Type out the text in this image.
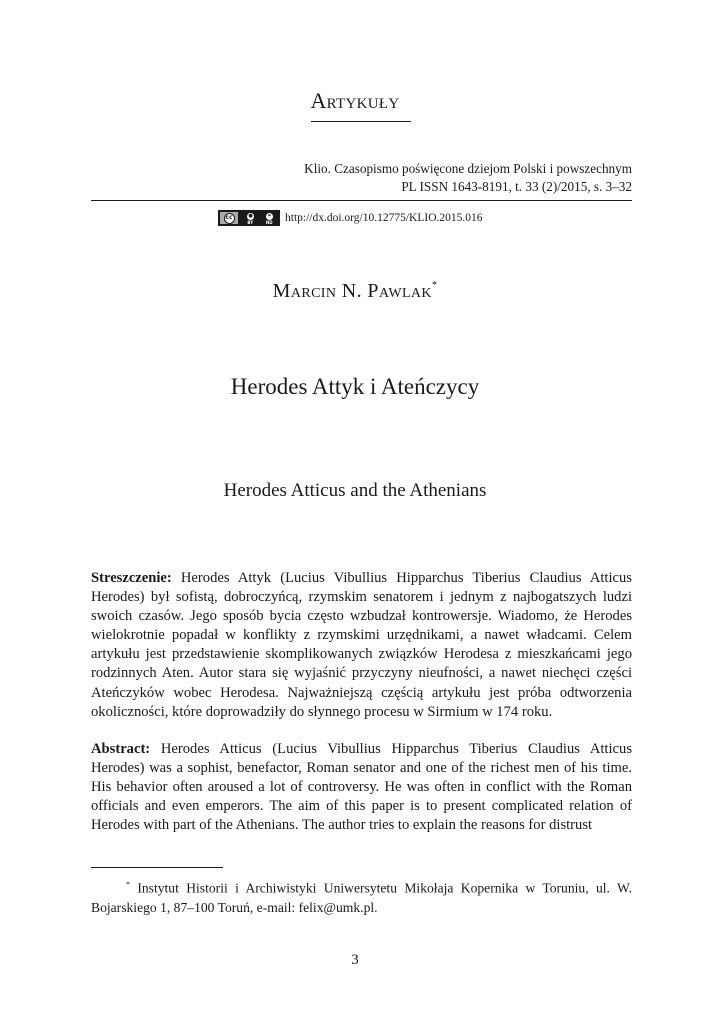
Artykuły
Klio. Czasopismo poświęcone dziejom Polski i powszechnym
PL ISSN 1643-8191, t. 33 (2)/2015, s. 3–32
cc	●	=
BY	ND http://dx.doi.org/10.12775/KLIO.2015.016
Marcin N. Pawlak*
Herodes Attyk i Ateńczycy
Herodes Atticus and the Athenians

Streszczenie: Herodes Attyk (Lucius Vibullius Hipparchus Tiberius Claudius Atticus Herodes) był sofistą, dobroczyńcą, rzymskim senatorem i jednym z najbogatszych ludzi swoich czasów. Jego sposób bycia często wzbudzał kontrowersje. Wiadomo, że Herodes wielokrotnie popadał w konflikty z rzymskimi urzędnikami, a nawet władcami. Celem artykułu jest przedstawienie skomplikowanych związków Herodesa z mieszkańcami jego rodzinnych Aten. Autor stara się wyjaśnić przyczyny nieufności, a nawet niechęci części Ateńczyków wobec Herodesa. Najważniejszą częścią artykułu jest próba odtworzenia okoliczności, które doprowadziły do słynnego procesu w Sirmium w 174 roku.

Abstract: Herodes Atticus (Lucius Vibullius Hipparchus Tiberius Claudius Atticus Herodes) was a sophist, benefactor, Roman senator and one of the richest men of his time. His behavior often aroused a lot of controversy. He was often in conflict with the Roman officials and even emperors. The aim of this paper is to present complicated relation of Herodes with part of the Athenians. The author tries to explain the reasons for distrust

* Instytut Historii i Archiwistyki Uniwersytetu Mikołaja Kopernika w Toruniu, ul. W. Bojarskiego 1, 87–100 Toruń, e-mail: felix@umk.pl.

3
